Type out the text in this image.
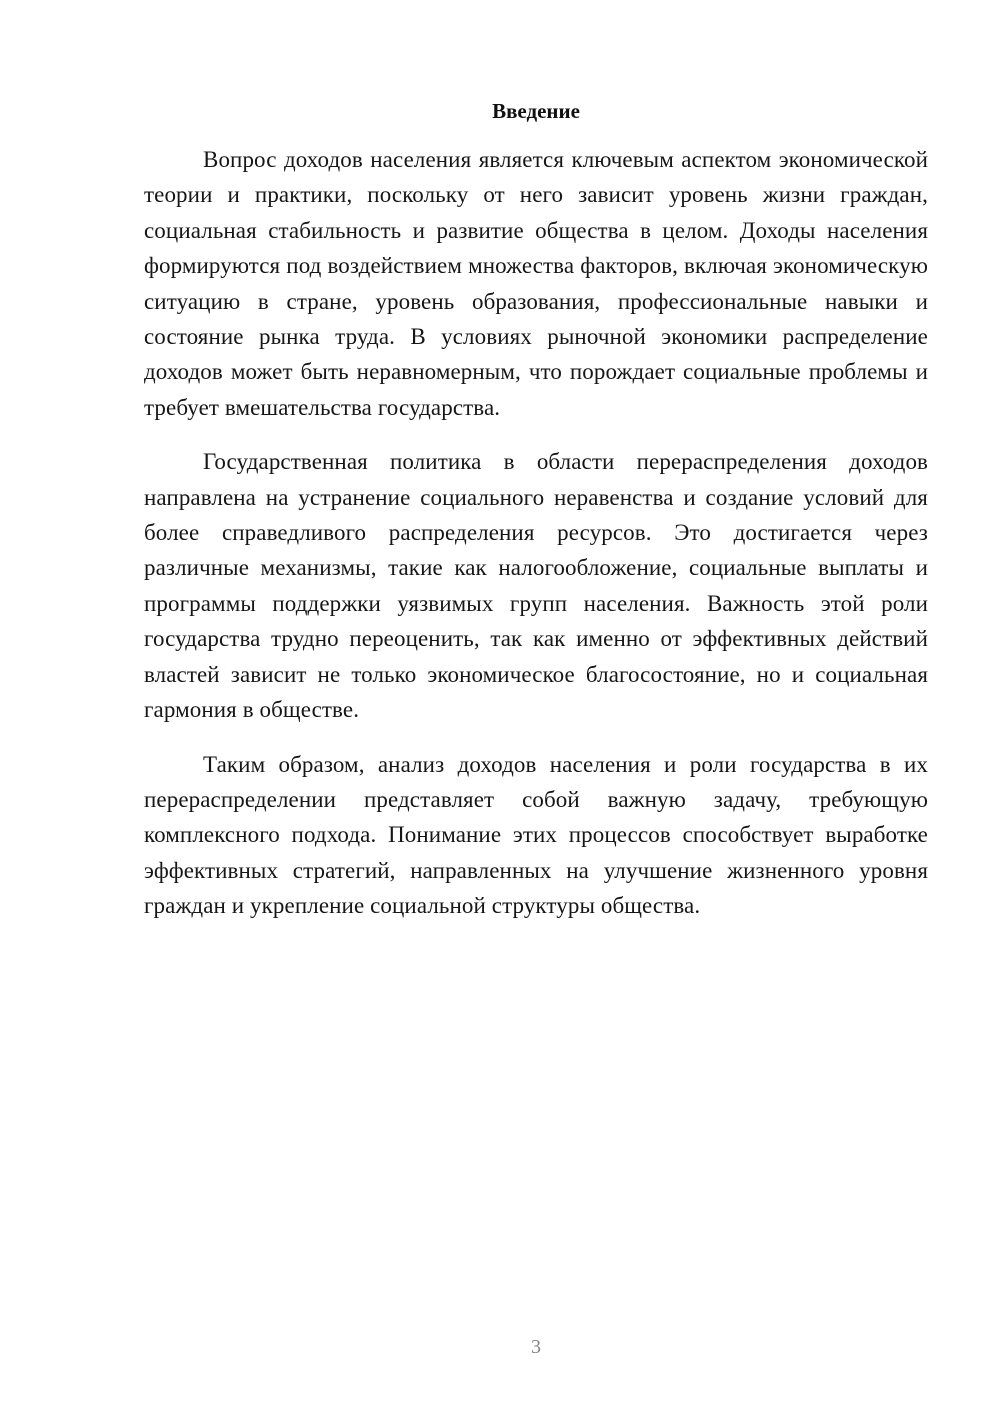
Введение

Вопрос доходов населения является ключевым аспектом экономической теории и практики, поскольку от него зависит уровень жизни граждан, социальная стабильность и развитие общества в целом. Доходы населения формируются под воздействием множества факторов, включая экономическую ситуацию в стране, уровень образования, профессиональные навыки и состояние рынка труда. В условиях рыночной экономики распределение доходов может быть неравномерным, что порождает социальные проблемы и требует вмешательства государства.

Государственная политика в области перераспределения доходов направлена на устранение социального неравенства и создание условий для более справедливого распределения ресурсов. Это достигается через различные механизмы, такие как налогообложение, социальные выплаты и программы поддержки уязвимых групп населения. Важность этой роли государства трудно переоценить, так как именно от эффективных действий властей зависит не только экономическое благосостояние, но и социальная гармония в обществе.

Таким образом, анализ доходов населения и роли государства в их перераспределении представляет собой важную задачу, требующую комплексного подхода. Понимание этих процессов способствует выработке эффективных стратегий, направленных на улучшение жизненного уровня граждан и укрепление социальной структуры общества.

3
